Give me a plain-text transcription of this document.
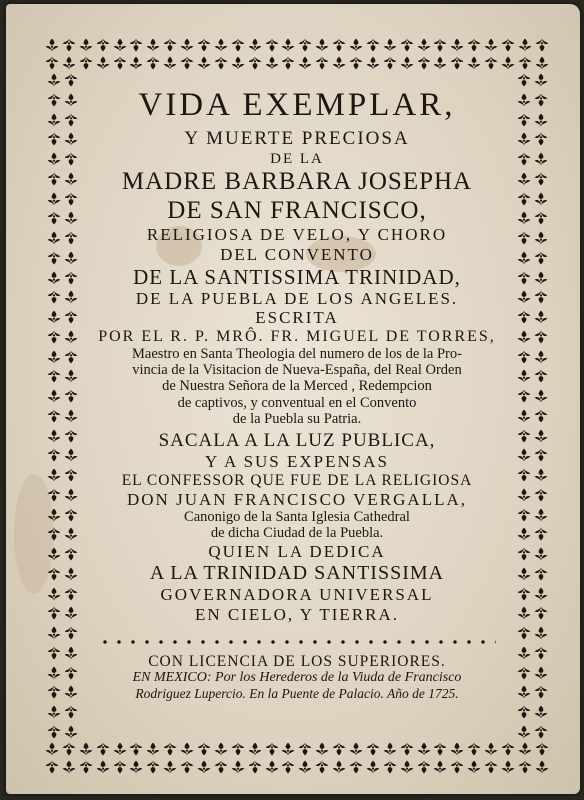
VIDA EXEMPLAR,
Y MUERTE PRECIOSA
DE LA
MADRE BARBARA JOSEPHA
DE SAN FRANCISCO,
RELIGIOSA DE VELO, Y CHORO
DEL CONVENTO
DE LA SANTISSIMA TRINIDAD,
DE LA PUEBLA DE LOS ANGELES.
ESCRITA
POR EL R. P. MRÔ. FR. MIGUEL DE TORRES,
Maestro en Santa Theologia del numero de los de la Pro-
vincia de la Visitacion de Nueva-España, del Real Orden
de Nuestra Señora de la Merced , Redempcion
de captivos, y conventual en el Convento
de la Puebla su Patria.
SACALA A LA LUZ PUBLICA,
Y A SUS EXPENSAS
EL CONFESSOR QUE FUE DE LA RELIGIOSA
DON JUAN FRANCISCO VERGALLA,
Canonigo de la Santa Iglesia Cathedral
de dicha Ciudad de la Puebla.
QUIEN LA DEDICA
A LA TRINIDAD SANTISSIMA
GOVERNADORA UNIVERSAL
EN CIELO, Y TIERRA.
CON LICENCIA DE LOS SUPERIORES.
EN MEXICO: Por los Herederos de la Viuda de Francisco
Rodriguez Lupercio. En la Puente de Palacio. Año de 1725.
